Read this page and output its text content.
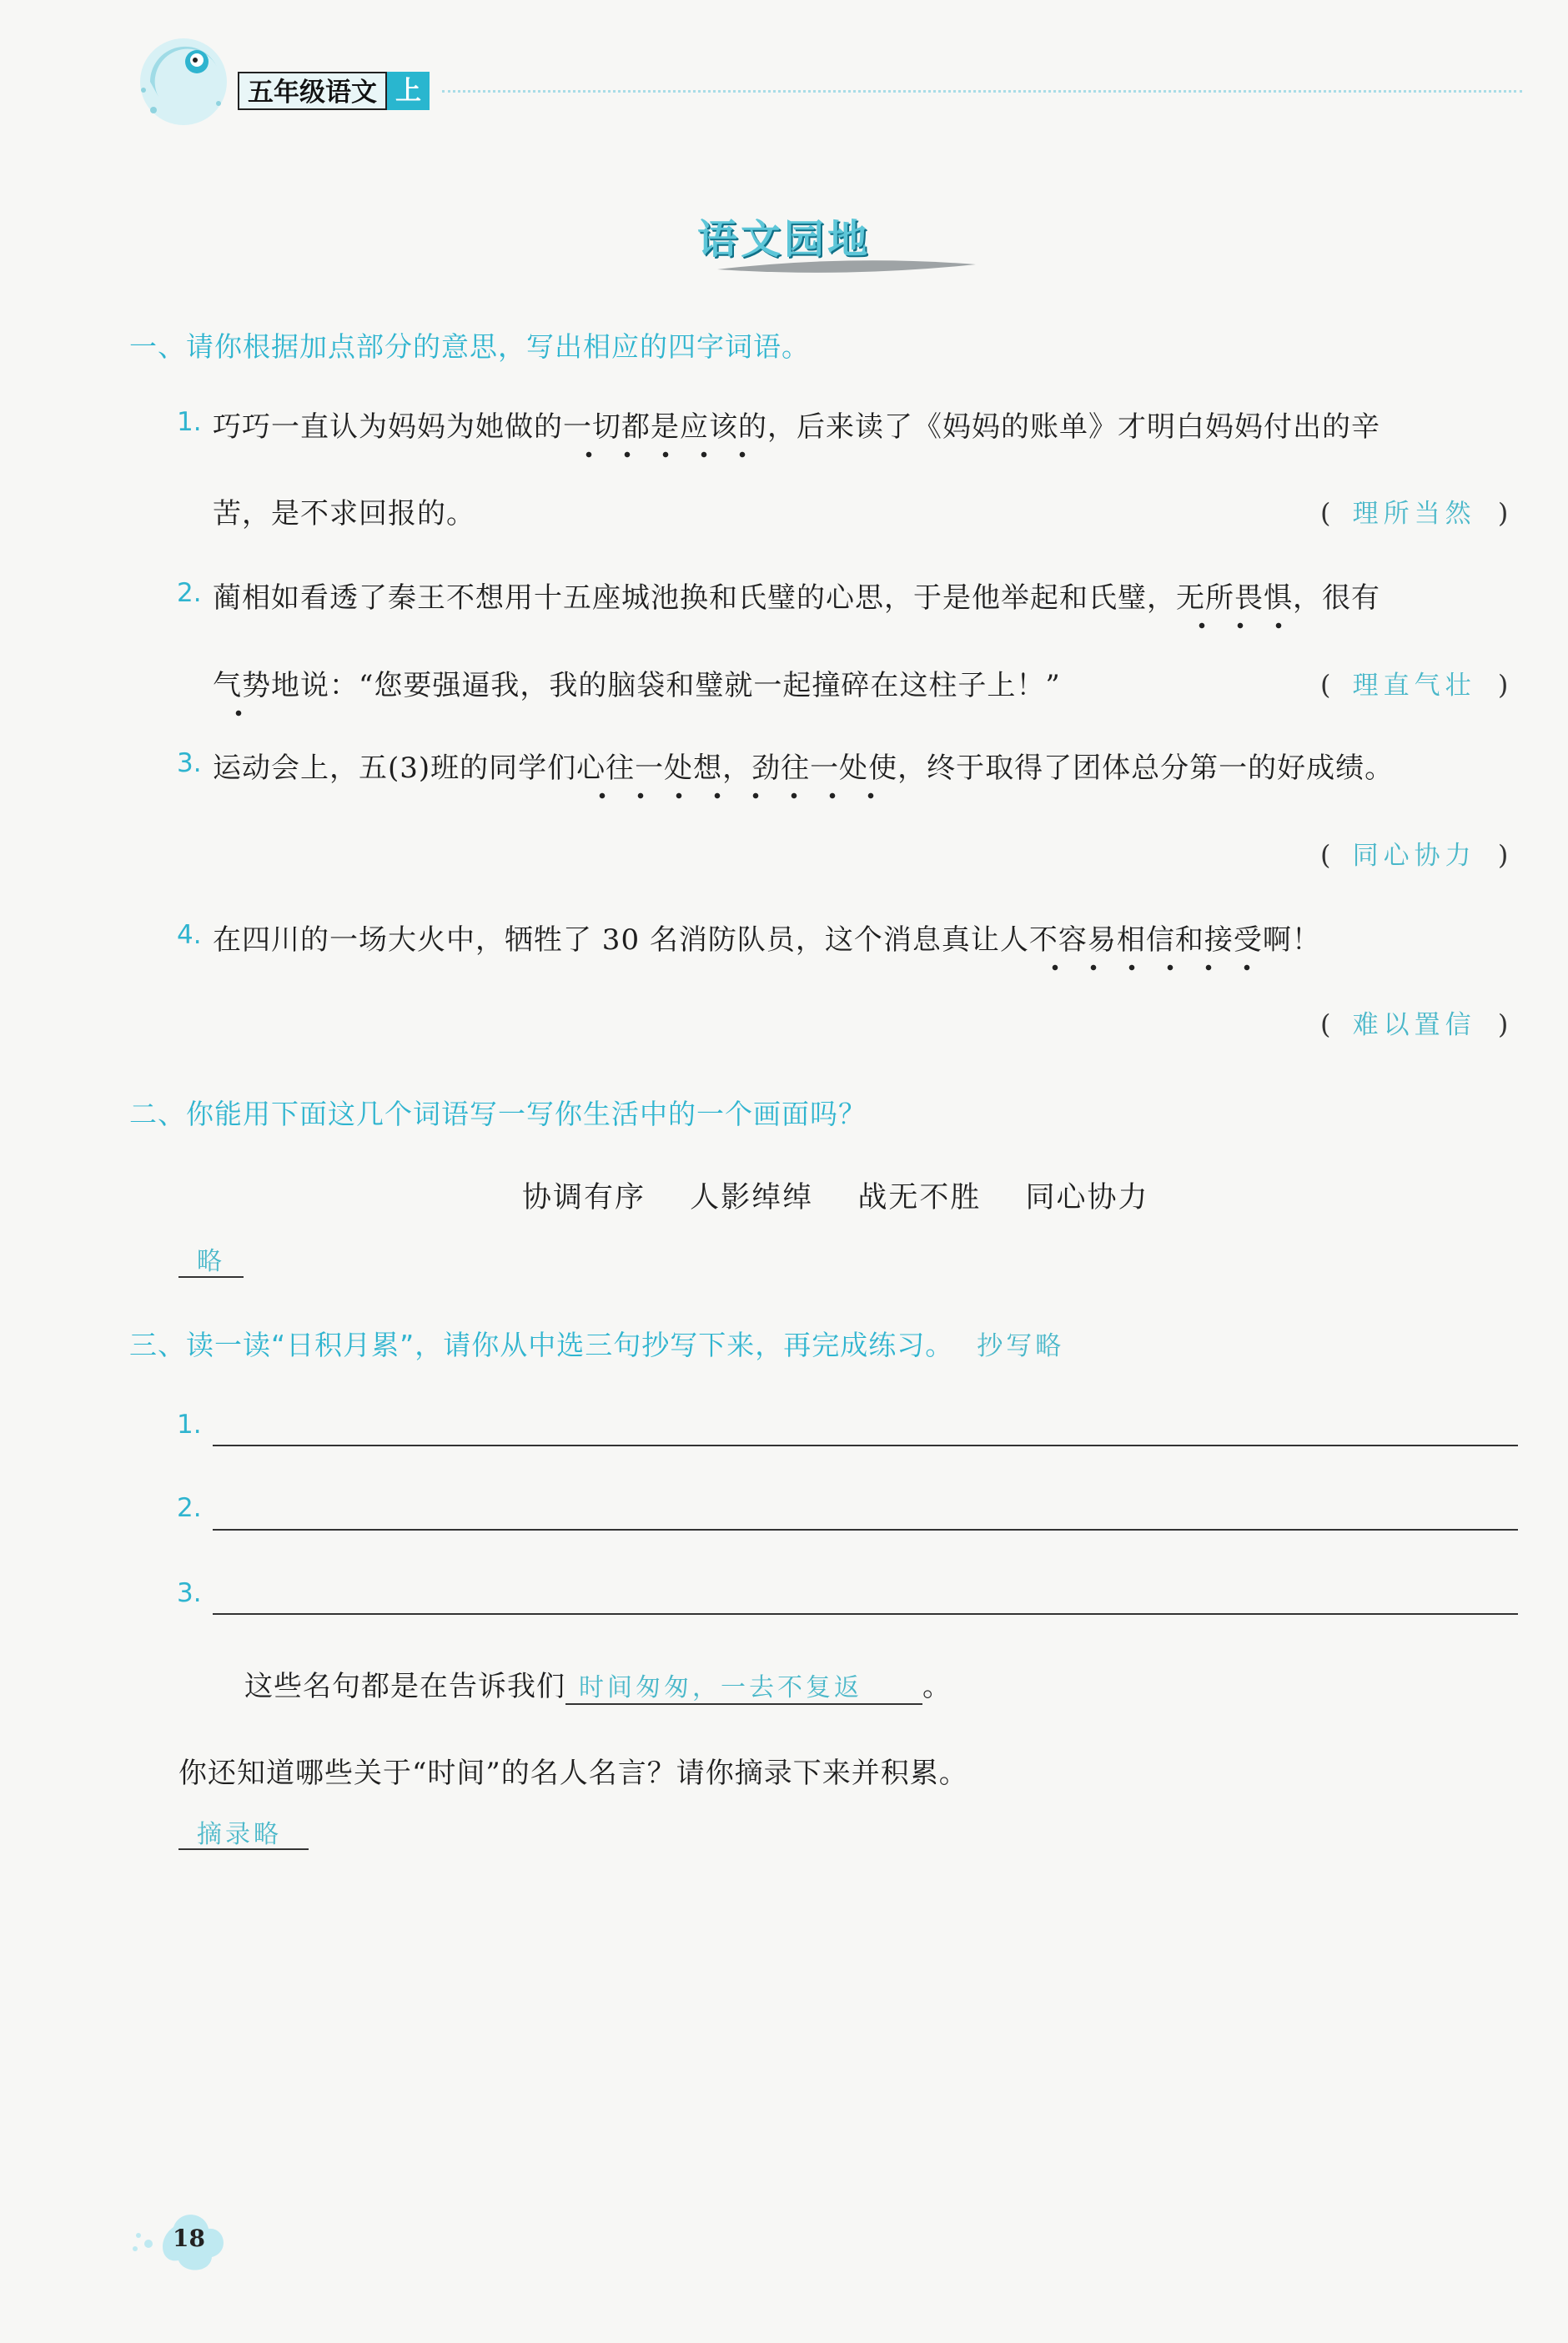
五年级语文 上
语文园地
一、请你根据加点部分的意思，写出相应的四字词语。
1. 巧巧一直认为妈妈为她做的一切都是应该的，后来读了《妈妈的账单》才明白妈妈付出的辛
苦，是不求回报的。	( 理所当然 )
2. 蔺相如看透了秦王不想用十五座城池换和氏璧的心思，于是他举起和氏璧，无所畏惧，很有
气势地说：“您要强逼我，我的脑袋和璧就一起撞碎在这柱子上！”	( 理直气壮 )
3. 运动会上，五(3)班的同学们心往一处想，劲往一处使，终于取得了团体总分第一的好成绩。
( 同心协力 )
4. 在四川的一场大火中，牺牲了 30 名消防队员，这个消息真让人不容易相信和接受啊！
( 难以置信 )
二、你能用下面这几个词语写一写你生活中的一个画面吗？
协调有序 人影绰绰 战无不胜 同心协力
略
三、读一读“日积月累”，请你从中选三句抄写下来，再完成练习。 抄写略
1.
2.
3.
这些名句都是在告诉我们 时间匆匆，一去不复返 。
你还知道哪些关于“时间”的名人名言？请你摘录下来并积累。
摘录略
18
